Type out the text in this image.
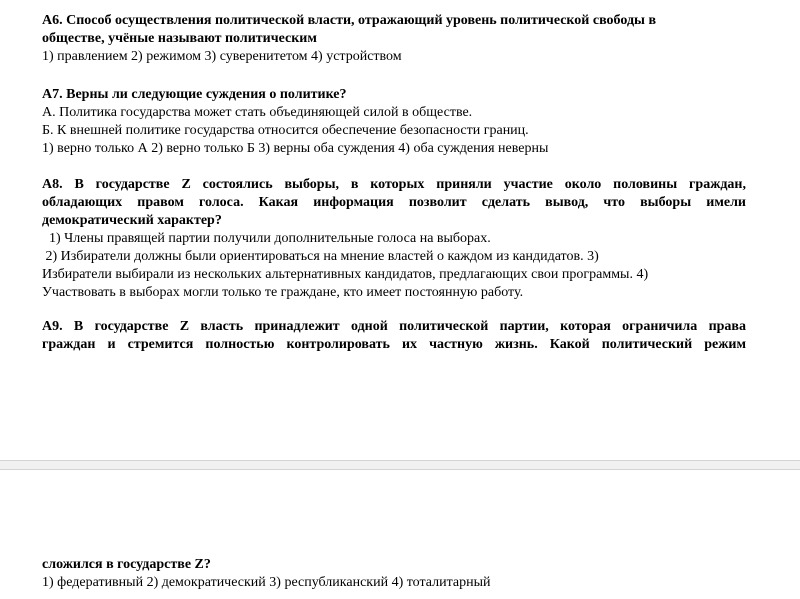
А6. Способ осуществления политической власти, отражающий уровень политической свободы в
обществе, учёные называют политическим
1) правлением 2) режимом 3) суверенитетом 4) устройством
А7. Верны ли следующие суждения о политике?
А. Политика государства может стать объединяющей силой в обществе.
Б. К внешней политике государства относится обеспечение безопасности границ.
1) верно только А 2) верно только Б 3) верны оба суждения 4) оба суждения неверны
А8. В государстве Z состоялись выборы, в которых приняли участие около половины граждан,
обладающих правом голоса. Какая информация позволит сделать вывод, что выборы имели
демократический характер?
1) Члены правящей партии получили дополнительные голоса на выборах.
2) Избиратели должны были ориентироваться на мнение властей о каждом из кандидатов. 3)
Избиратели выбирали из нескольких альтернативных кандидатов, предлагающих свои программы. 4)
Участвовать в выборах могли только те граждане, кто имеет постоянную работу.
А9. В государстве Z власть принадлежит одной политической партии, которая ограничила права
граждан и стремится полностью контролировать их частную жизнь. Какой политический режим
сложился в государстве Z?
1) федеративный 2) демократический 3) республиканский 4) тоталитарный
